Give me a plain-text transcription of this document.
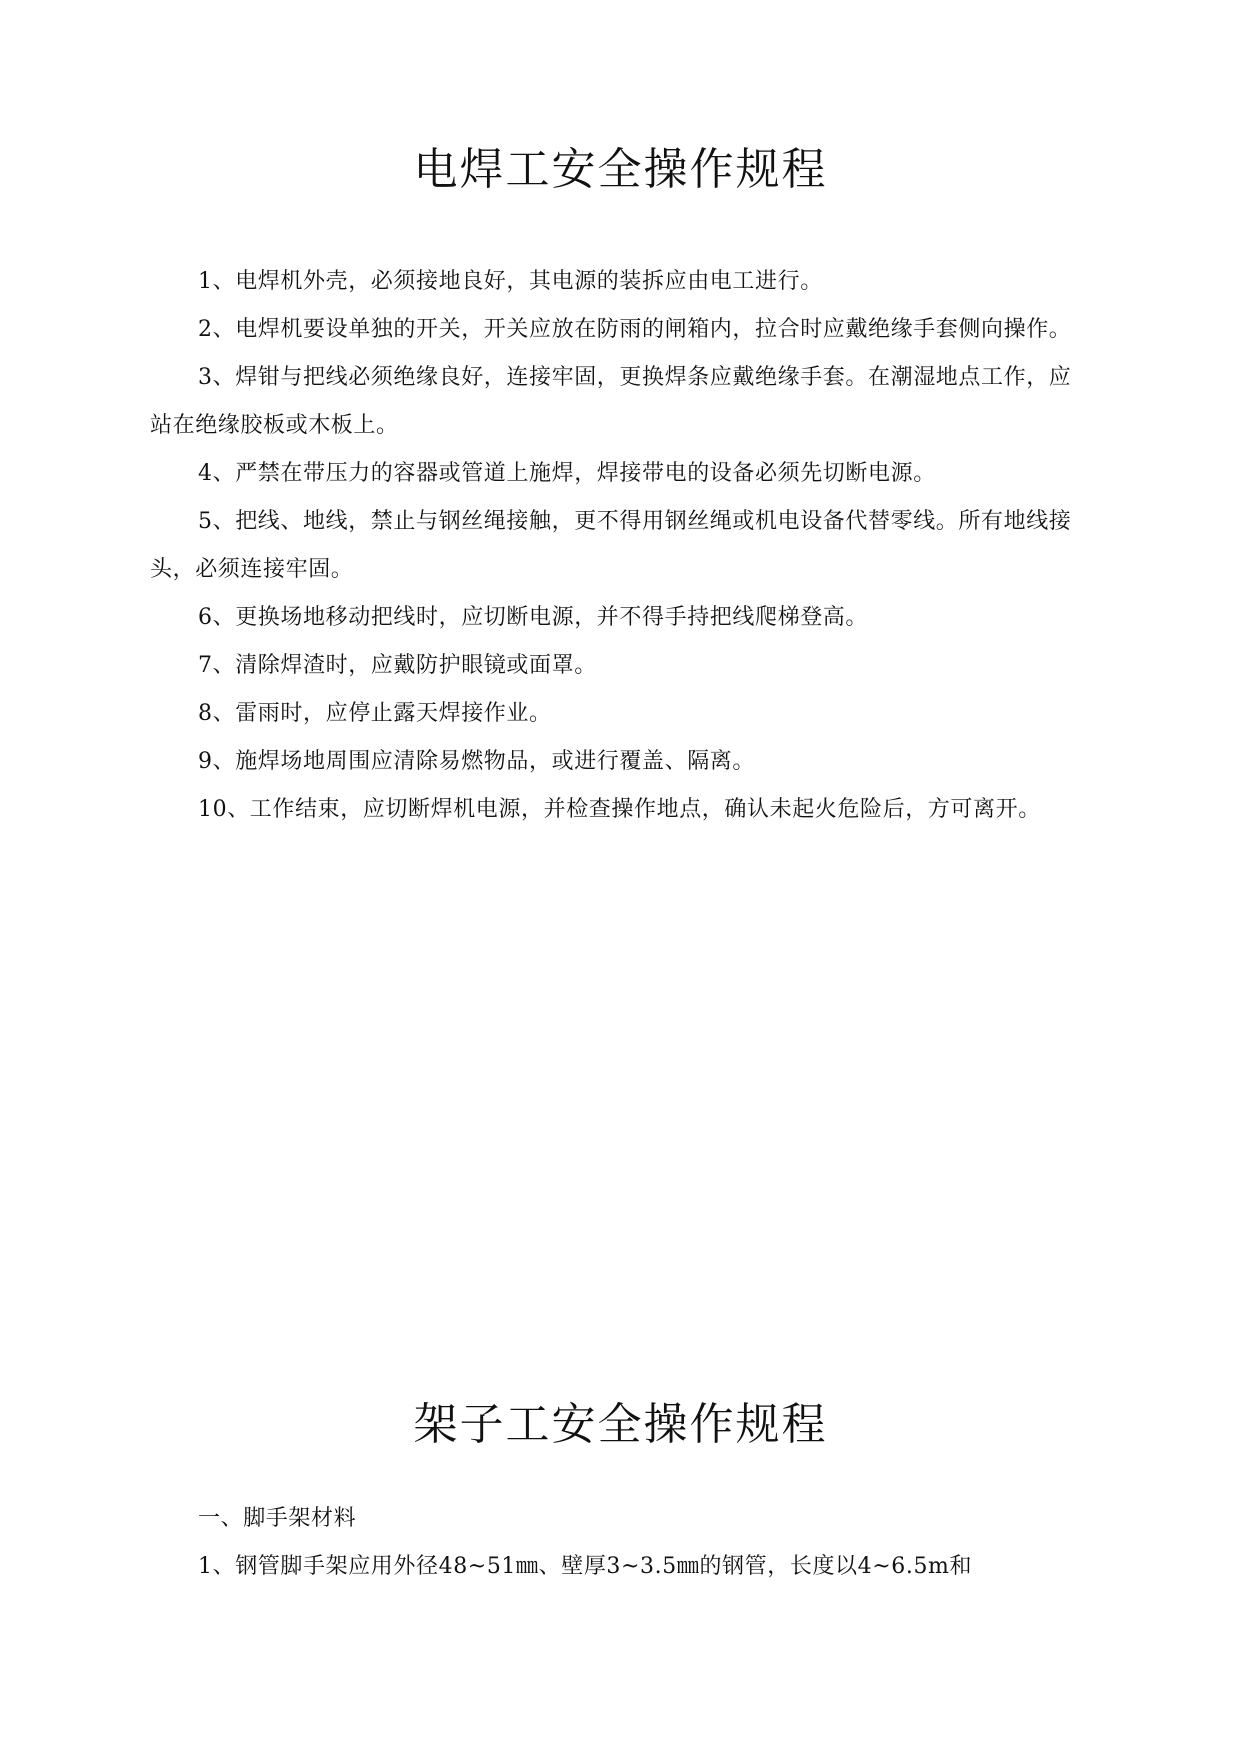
电焊工安全操作规程

1、电焊机外壳，必须接地良好，其电源的装拆应由电工进行。

2、电焊机要设单独的开关，开关应放在防雨的闸箱内，拉合时应戴绝缘手套侧向操作。

3、焊钳与把线必须绝缘良好，连接牢固，更换焊条应戴绝缘手套。在潮湿地点工作，应站在绝缘胶板或木板上。

4、严禁在带压力的容器或管道上施焊，焊接带电的设备必须先切断电源。

5、把线、地线，禁止与钢丝绳接触，更不得用钢丝绳或机电设备代替零线。所有地线接头，必须连接牢固。

6、更换场地移动把线时，应切断电源，并不得手持把线爬梯登高。

7、清除焊渣时，应戴防护眼镜或面罩。

8、雷雨时，应停止露天焊接作业。

9、施焊场地周围应清除易燃物品，或进行覆盖、隔离。

10、工作结束，应切断焊机电源，并检查操作地点，确认未起火危险后，方可离开。

架子工安全操作规程

一、脚手架材料

1、钢管脚手架应用外径48~51㎜、壁厚3~3.5㎜的钢管，长度以4~6.5m和
